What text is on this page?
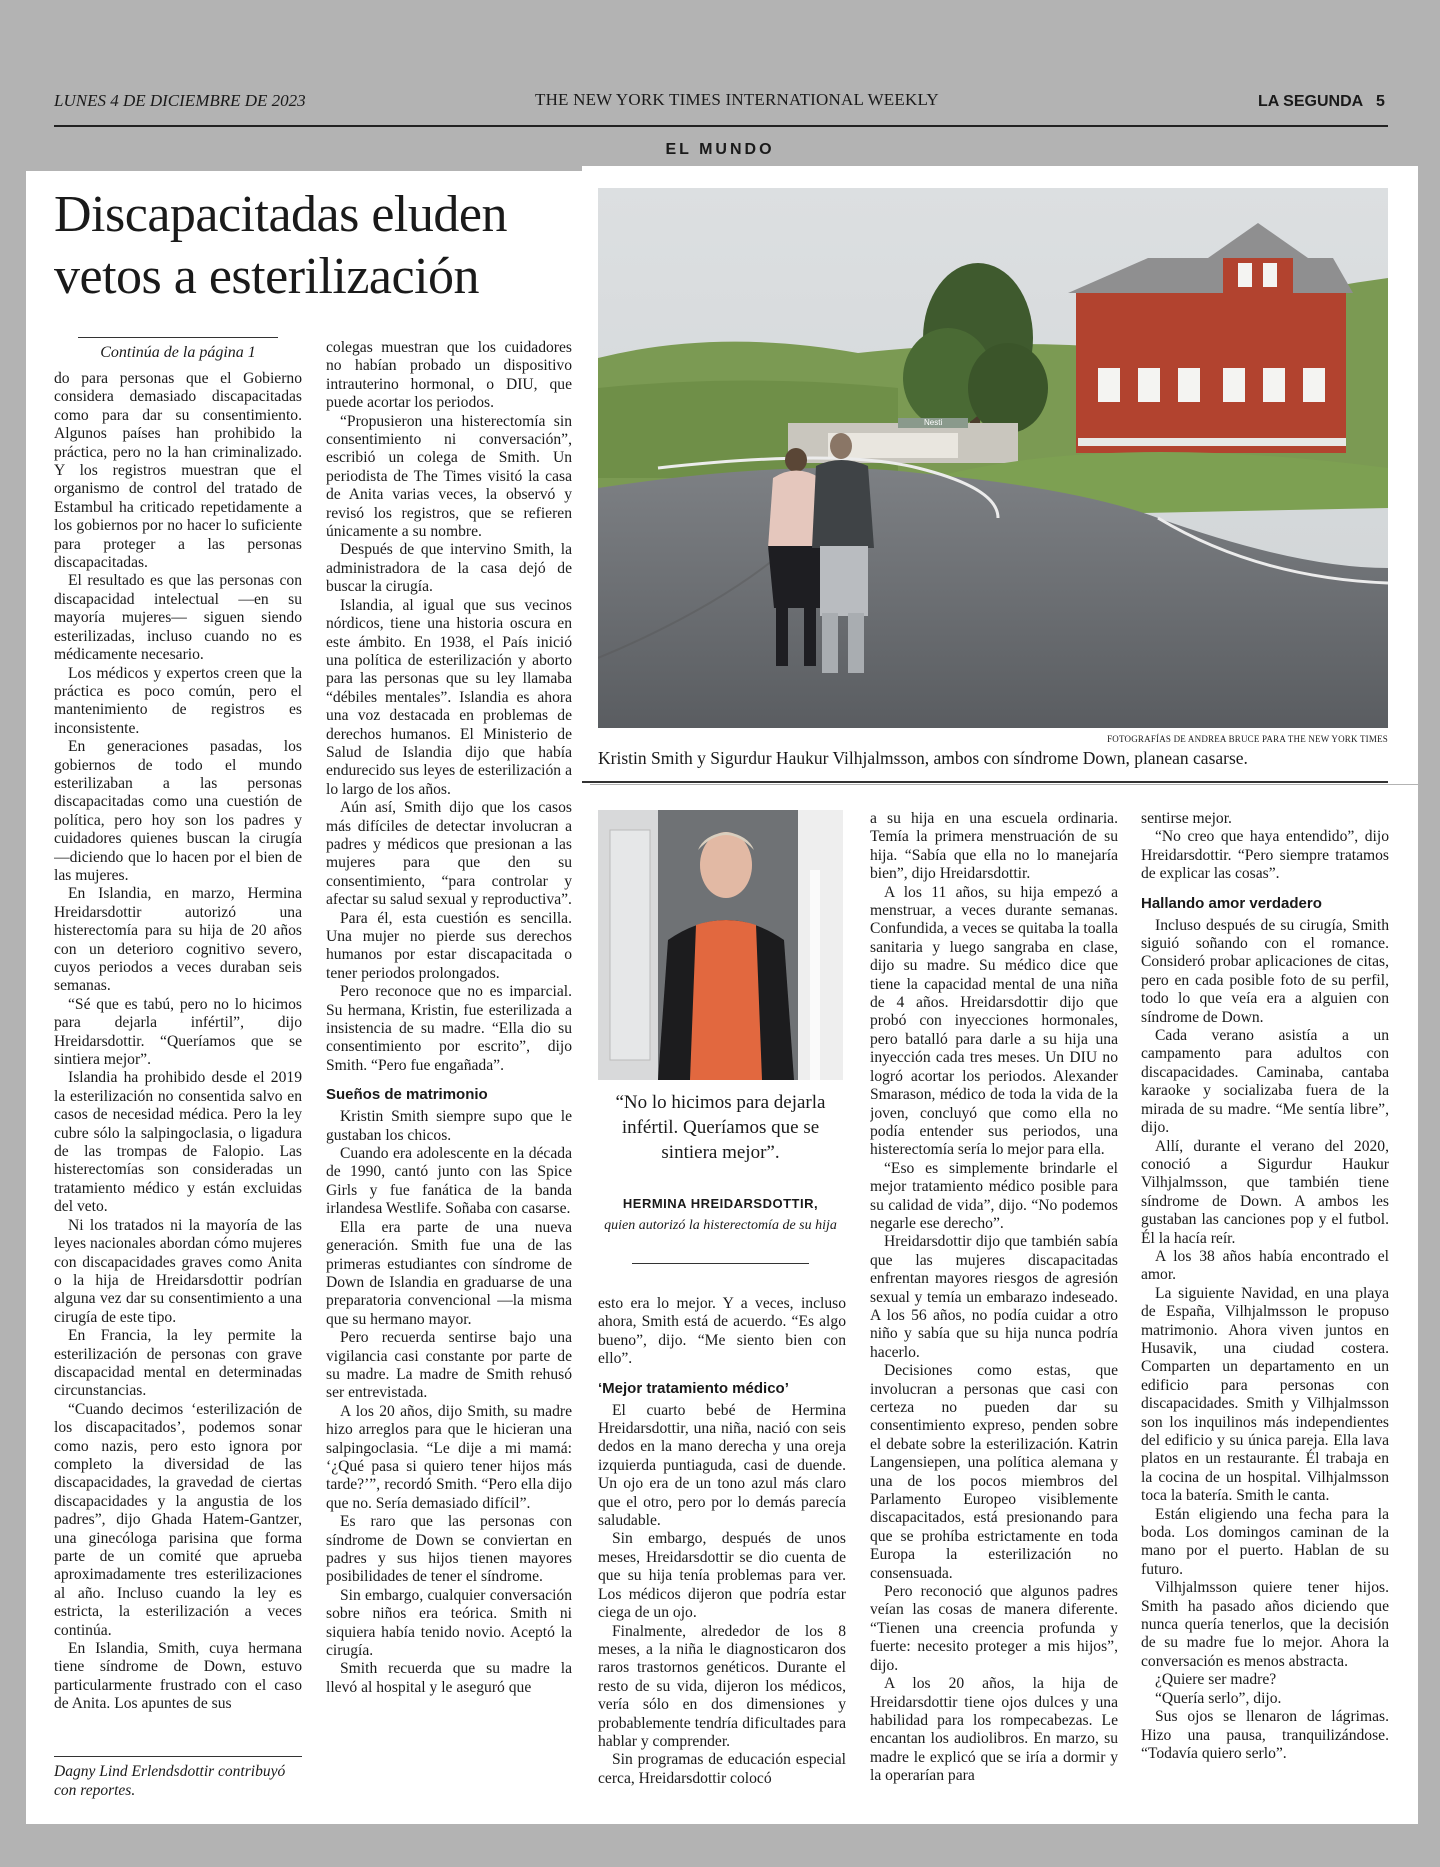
LUNES 4 DE DICIEMBRE DE 2023	THE NEW YORK TIMES INTERNATIONAL WEEKLY	LA SEGUNDA 5
EL MUNDO
Discapacitadas eluden vetos a esterilización
Continúa de la página 1

do para personas que el Gobierno considera demasiado discapacitadas como para dar su consentimiento. Algunos países han prohibido la práctica, pero no la han criminalizado. Y los registros muestran que el organismo de control del tratado de Estambul ha criticado repetidamente a los gobiernos por no hacer lo suficiente para proteger a las personas discapacitadas.

El resultado es que las personas con discapacidad intelectual —en su mayoría mujeres— siguen siendo esterilizadas, incluso cuando no es médicamente necesario.

Los médicos y expertos creen que la práctica es poco común, pero el mantenimiento de registros es inconsistente.

En generaciones pasadas, los gobiernos de todo el mundo esterilizaban a las personas discapacitadas como una cuestión de política, pero hoy son los padres y cuidadores quienes buscan la cirugía —diciendo que lo hacen por el bien de las mujeres.

En Islandia, en marzo, Hermina Hreidarsdottir autorizó una histerectomía para su hija de 20 años con un deterioro cognitivo severo, cuyos periodos a veces duraban seis semanas.

“Sé que es tabú, pero no lo hicimos para dejarla infértil”, dijo Hreidarsdottir. “Queríamos que se sintiera mejor”.

Islandia ha prohibido desde el 2019 la esterilización no consentida salvo en casos de necesidad médica. Pero la ley cubre sólo la salpingoclasia, o ligadura de las trompas de Falopio. Las histerectomías son consideradas un tratamiento médico y están excluidas del veto.

Ni los tratados ni la mayoría de las leyes nacionales abordan cómo mujeres con discapacidades graves como Anita o la hija de Hreidarsdottir podrían alguna vez dar su consentimiento a una cirugía de este tipo.

En Francia, la ley permite la esterilización de personas con grave discapacidad mental en determinadas circunstancias.

“Cuando decimos ‘esterilización de los discapacitados’, podemos sonar como nazis, pero esto ignora por completo la diversidad de las discapacidades, la gravedad de ciertas discapacidades y la angustia de los padres”, dijo Ghada Hatem-Gantzer, una ginecóloga parisina que forma parte de un comité que aprueba aproximadamente tres esterilizaciones al año. Incluso cuando la ley es estricta, la esterilización a veces continúa.

En Islandia, Smith, cuya hermana tiene síndrome de Down, estuvo particularmente frustrado con el caso de Anita. Los apuntes de sus

Dagny Lind Erlendsdottir contribuyó con reportes.

colegas muestran que los cuidadores no habían probado un dispositivo intrauterino hormonal, o DIU, que puede acortar los periodos.

“Propusieron una histerectomía sin consentimiento ni conversación”, escribió un colega de Smith. Un periodista de The Times visitó la casa de Anita varias veces, la observó y revisó los registros, que se refieren únicamente a su nombre.

Después de que intervino Smith, la administradora de la casa dejó de buscar la cirugía.

Islandia, al igual que sus vecinos nórdicos, tiene una historia oscura en este ámbito. En 1938, el País inició una política de esterilización y aborto para las personas que su ley llamaba “débiles mentales”. Islandia es ahora una voz destacada en problemas de derechos humanos. El Ministerio de Salud de Islandia dijo que había endurecido sus leyes de esterilización a lo largo de los años.

Aún así, Smith dijo que los casos más difíciles de detectar involucran a padres y médicos que presionan a las mujeres para que den su consentimiento, “para controlar y afectar su salud sexual y reproductiva”.

Para él, esta cuestión es sencilla. Una mujer no pierde sus derechos humanos por estar discapacitada o tener periodos prolongados.

Pero reconoce que no es imparcial. Su hermana, Kristin, fue esterilizada a insistencia de su madre. “Ella dio su consentimiento por escrito”, dijo Smith. “Pero fue engañada”.

Sueños de matrimonio

Kristin Smith siempre supo que le gustaban los chicos.

Cuando era adolescente en la década de 1990, cantó junto con las Spice Girls y fue fanática de la banda irlandesa Westlife. Soñaba con casarse.

Ella era parte de una nueva generación. Smith fue una de las primeras estudiantes con síndrome de Down de Islandia en graduarse de una preparatoria convencional —la misma que su hermano mayor.

Pero recuerda sentirse bajo una vigilancia casi constante por parte de su madre. La madre de Smith rehusó ser entrevistada.

A los 20 años, dijo Smith, su madre hizo arreglos para que le hicieran una salpingoclasia. “Le dije a mi mamá: ‘¿Qué pasa si quiero tener hijos más tarde?’”, recordó Smith. “Pero ella dijo que no. Sería demasiado difícil”.

Es raro que las personas con síndrome de Down se conviertan en padres y sus hijos tienen mayores posibilidades de tener el síndrome.

Sin embargo, cualquier conversación sobre niños era teórica. Smith ni siquiera había tenido novio. Aceptó la cirugía.

Smith recuerda que su madre la llevó al hospital y le aseguró que

Nesti
FOTOGRAFÍAS DE ANDREA BRUCE PARA THE NEW YORK TIMES
Kristin Smith y Sigurdur Haukur Vilhjalmsson, ambos con síndrome Down, planean casarse.
“No lo hicimos para dejarla infértil. Queríamos que se sintiera mejor”.
HERMINA HREIDARSDOTTIR,
quien autorizó la histerectomía de su hija

esto era lo mejor. Y a veces, incluso ahora, Smith está de acuerdo. “Es algo bueno”, dijo. “Me siento bien con ello”.

‘Mejor tratamiento médico’

El cuarto bebé de Hermina Hreidarsdottir, una niña, nació con seis dedos en la mano derecha y una oreja izquierda puntiaguda, casi de duende. Un ojo era de un tono azul más claro que el otro, pero por lo demás parecía saludable.

Sin embargo, después de unos meses, Hreidarsdottir se dio cuenta de que su hija tenía problemas para ver. Los médicos dijeron que podría estar ciega de un ojo.

Finalmente, alrededor de los 8 meses, a la niña le diagnosticaron dos raros trastornos genéticos. Durante el resto de su vida, dijeron los médicos, vería sólo en dos dimensiones y probablemente tendría dificultades para hablar y comprender.

Sin programas de educación especial cerca, Hreidarsdottir colocó

a su hija en una escuela ordinaria. Temía la primera menstruación de su hija. “Sabía que ella no lo manejaría bien”, dijo Hreidarsdottir.

A los 11 años, su hija empezó a menstruar, a veces durante semanas. Confundida, a veces se quitaba la toalla sanitaria y luego sangraba en clase, dijo su madre. Su médico dice que tiene la capacidad mental de una niña de 4 años. Hreidarsdottir dijo que probó con inyecciones hormonales, pero batalló para darle a su hija una inyección cada tres meses. Un DIU no logró acortar los periodos. Alexander Smarason, médico de toda la vida de la joven, concluyó que como ella no podía entender sus periodos, una histerectomía sería lo mejor para ella.

“Eso es simplemente brindarle el mejor tratamiento médico posible para su calidad de vida”, dijo. “No podemos negarle ese derecho”.

Hreidarsdottir dijo que también sabía que las mujeres discapacitadas enfrentan mayores riesgos de agresión sexual y temía un embarazo indeseado. A los 56 años, no podía cuidar a otro niño y sabía que su hija nunca podría hacerlo.

Decisiones como estas, que involucran a personas que casi con certeza no pueden dar su consentimiento expreso, penden sobre el debate sobre la esterilización. Katrin Langensiepen, una política alemana y una de los pocos miembros del Parlamento Europeo visiblemente discapacitados, está presionando para que se prohíba estrictamente en toda Europa la esterilización no consensuada.

Pero reconoció que algunos padres veían las cosas de manera diferente. “Tienen una creencia profunda y fuerte: necesito proteger a mis hijos”, dijo.

A los 20 años, la hija de Hreidarsdottir tiene ojos dulces y una habilidad para los rompecabezas. Le encantan los audiolibros. En marzo, su madre le explicó que se iría a dormir y la operarían para

sentirse mejor.

“No creo que haya entendido”, dijo Hreidarsdottir. “Pero siempre tratamos de explicar las cosas”.

Hallando amor verdadero

Incluso después de su cirugía, Smith siguió soñando con el romance. Consideró probar aplicaciones de citas, pero en cada posible foto de su perfil, todo lo que veía era a alguien con síndrome de Down.

Cada verano asistía a un campamento para adultos con discapacidades. Caminaba, cantaba karaoke y socializaba fuera de la mirada de su madre. “Me sentía libre”, dijo.

Allí, durante el verano del 2020, conoció a Sigurdur Haukur Vilhjalmsson, que también tiene síndrome de Down. A ambos les gustaban las canciones pop y el futbol. Él la hacía reír.

A los 38 años había encontrado el amor.

La siguiente Navidad, en una playa de España, Vilhjalmsson le propuso matrimonio. Ahora viven juntos en Husavik, una ciudad costera. Comparten un departamento en un edificio para personas con discapacidades. Smith y Vilhjalmsson son los inquilinos más independientes del edificio y su única pareja. Ella lava platos en un restaurante. Él trabaja en la cocina de un hospital. Vilhjalmsson toca la batería. Smith le canta.

Están eligiendo una fecha para la boda. Los domingos caminan de la mano por el puerto. Hablan de su futuro.

Vilhjalmsson quiere tener hijos. Smith ha pasado años diciendo que nunca quería tenerlos, que la decisión de su madre fue lo mejor. Ahora la conversación es menos abstracta.

¿Quiere ser madre?

“Quería serlo”, dijo.

Sus ojos se llenaron de lágrimas. Hizo una pausa, tranquilizándose. “Todavía quiero serlo”.
